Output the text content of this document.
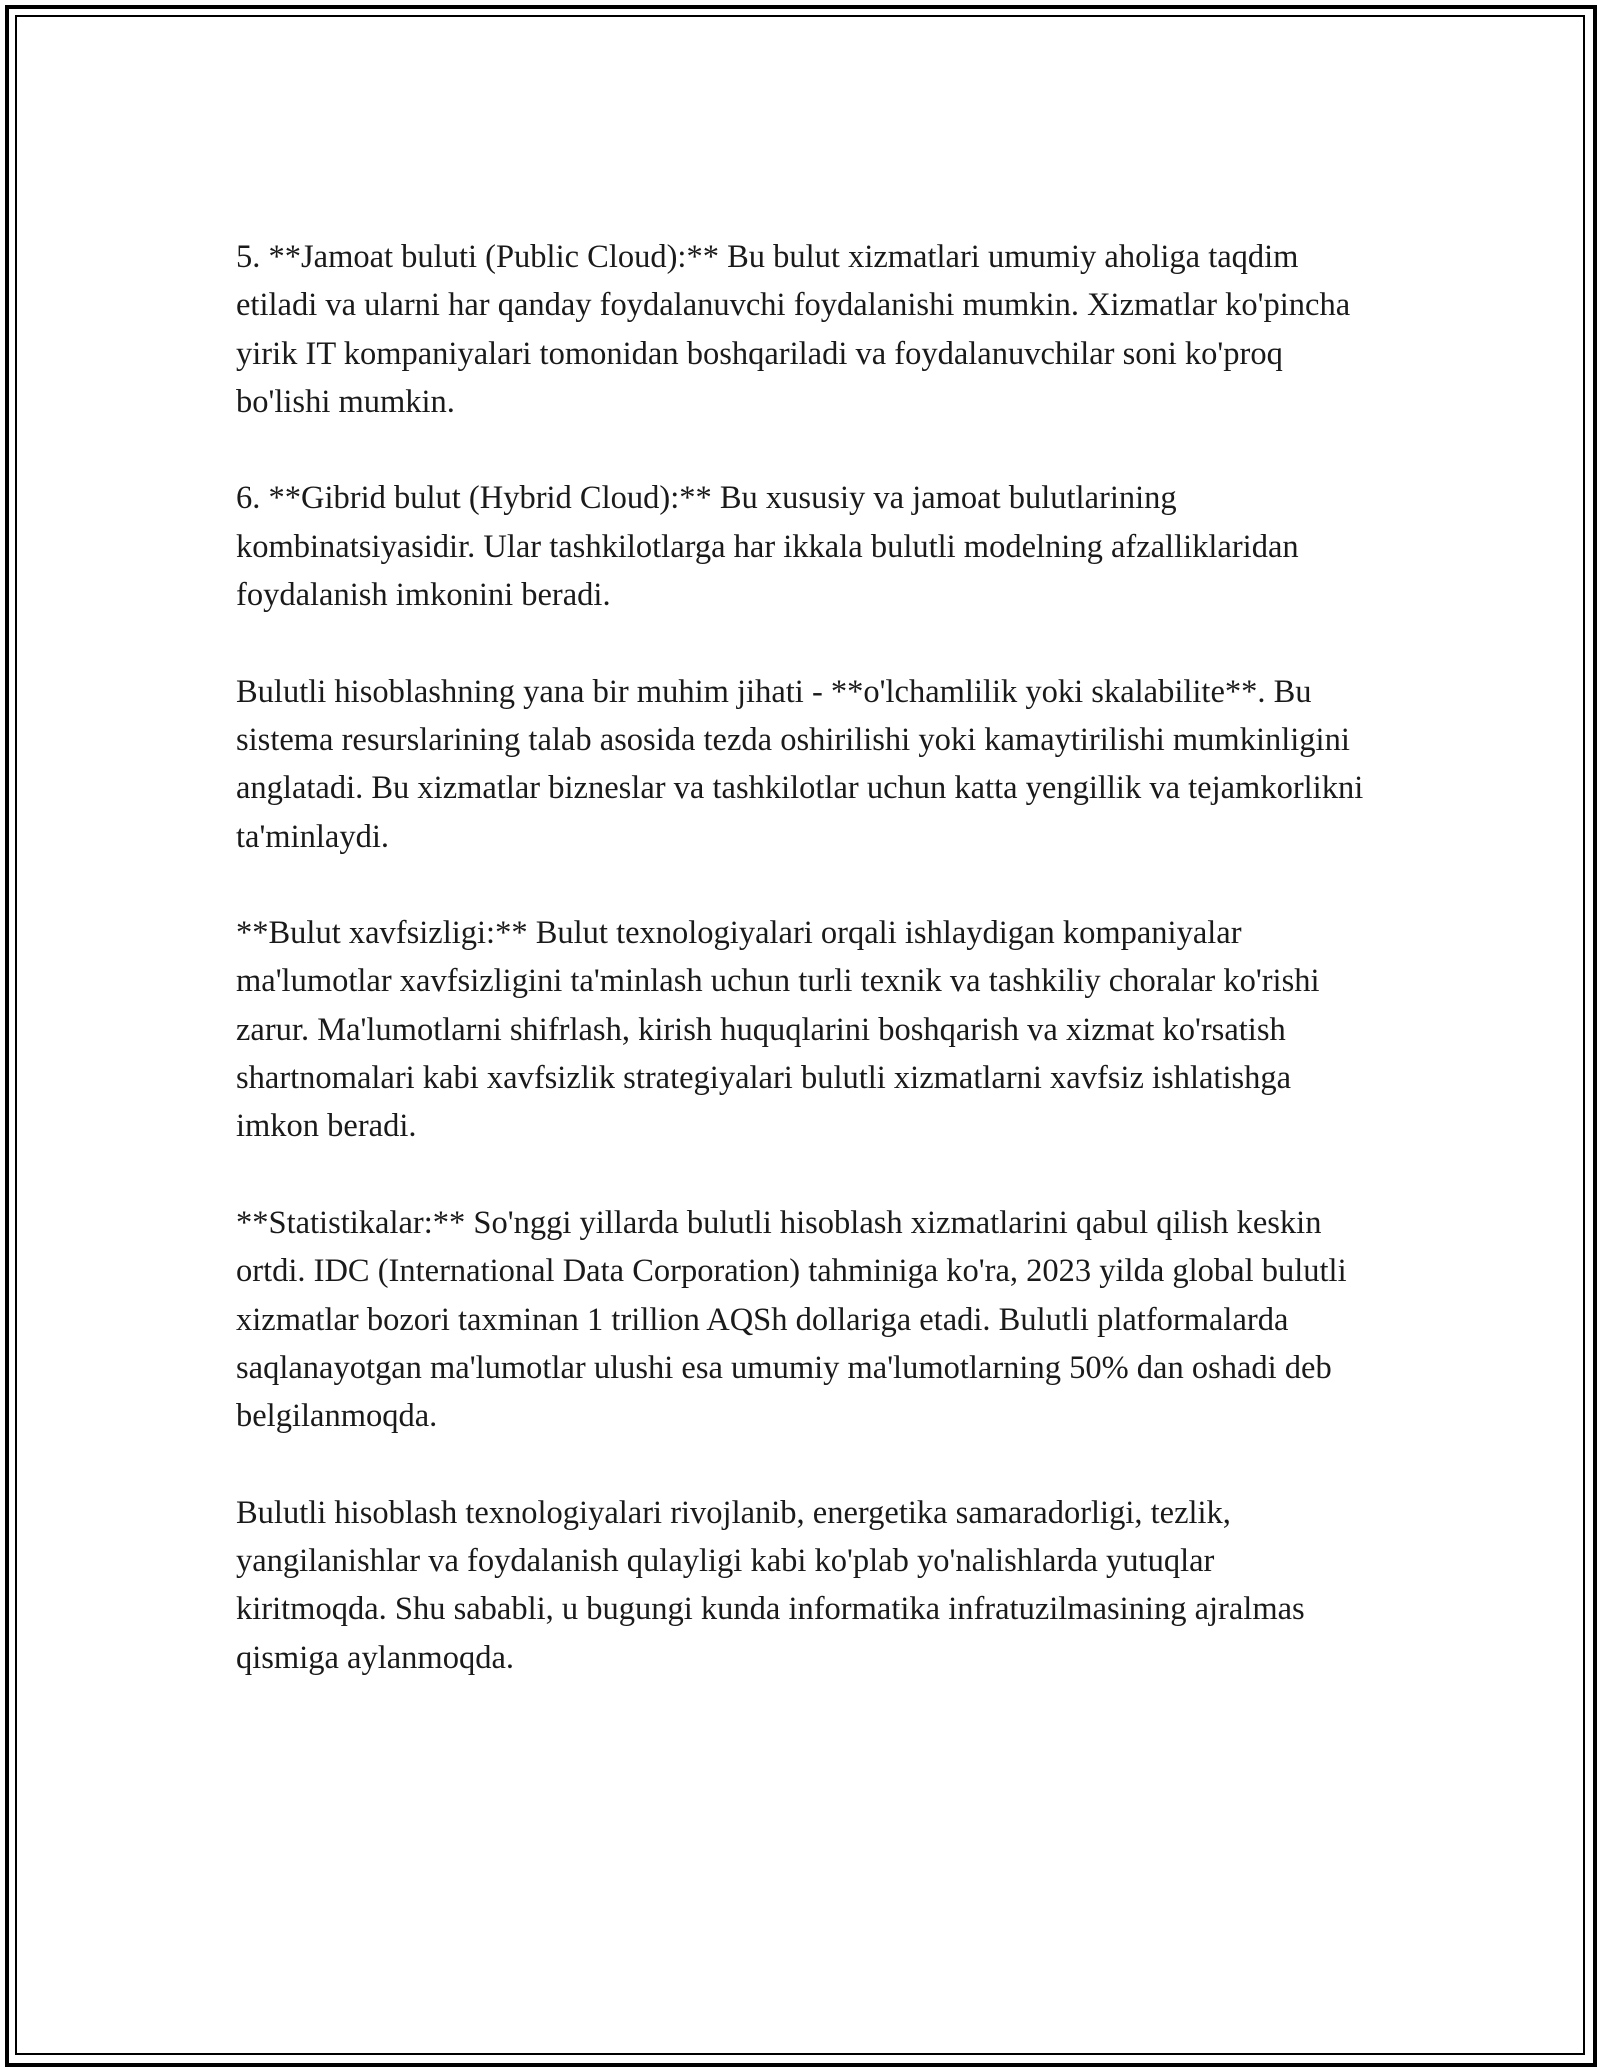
5. **Jamoat buluti (Public Cloud):** Bu bulut xizmatlari umumiy aholiga taqdim etiladi va ularni har qanday foydalanuvchi foydalanishi mumkin. Xizmatlar ko'pincha yirik IT kompaniyalari tomonidan boshqariladi va foydalanuvchilar soni ko'proq bo'lishi mumkin.

6. **Gibrid bulut (Hybrid Cloud):** Bu xususiy va jamoat bulutlarining kombinatsiyasidir. Ular tashkilotlarga har ikkala bulutli modelning afzalliklaridan foydalanish imkonini beradi.

Bulutli hisoblashning yana bir muhim jihati - **o'lchamlilik yoki skalabilite**. Bu sistema resurslarining talab asosida tezda oshirilishi yoki kamaytirilishi mumkinligini anglatadi. Bu xizmatlar bizneslar va tashkilotlar uchun katta yengillik va tejamkorlikni ta'minlaydi.

**Bulut xavfsizligi:** Bulut texnologiyalari orqali ishlaydigan kompaniyalar ma'lumotlar xavfsizligini ta'minlash uchun turli texnik va tashkiliy choralar ko'rishi zarur. Ma'lumotlarni shifrlash, kirish huquqlarini boshqarish va xizmat ko'rsatish shartnomalari kabi xavfsizlik strategiyalari bulutli xizmatlarni xavfsiz ishlatishga imkon beradi.

**Statistikalar:** So'nggi yillarda bulutli hisoblash xizmatlarini qabul qilish keskin ortdi. IDC (International Data Corporation) tahminiga ko'ra, 2023 yilda global bulutli xizmatlar bozori taxminan 1 trillion AQSh dollariga etadi. Bulutli platformalarda saqlanayotgan ma'lumotlar ulushi esa umumiy ma'lumotlarning 50% dan oshadi deb belgilanmoqda.

Bulutli hisoblash texnologiyalari rivojlanib, energetika samaradorligi, tezlik, yangilanishlar va foydalanish qulayligi kabi ko'plab yo'nalishlarda yutuqlar kiritmoqda. Shu sababli, u bugungi kunda informatika infratuzilmasining ajralmas qismiga aylanmoqda.
